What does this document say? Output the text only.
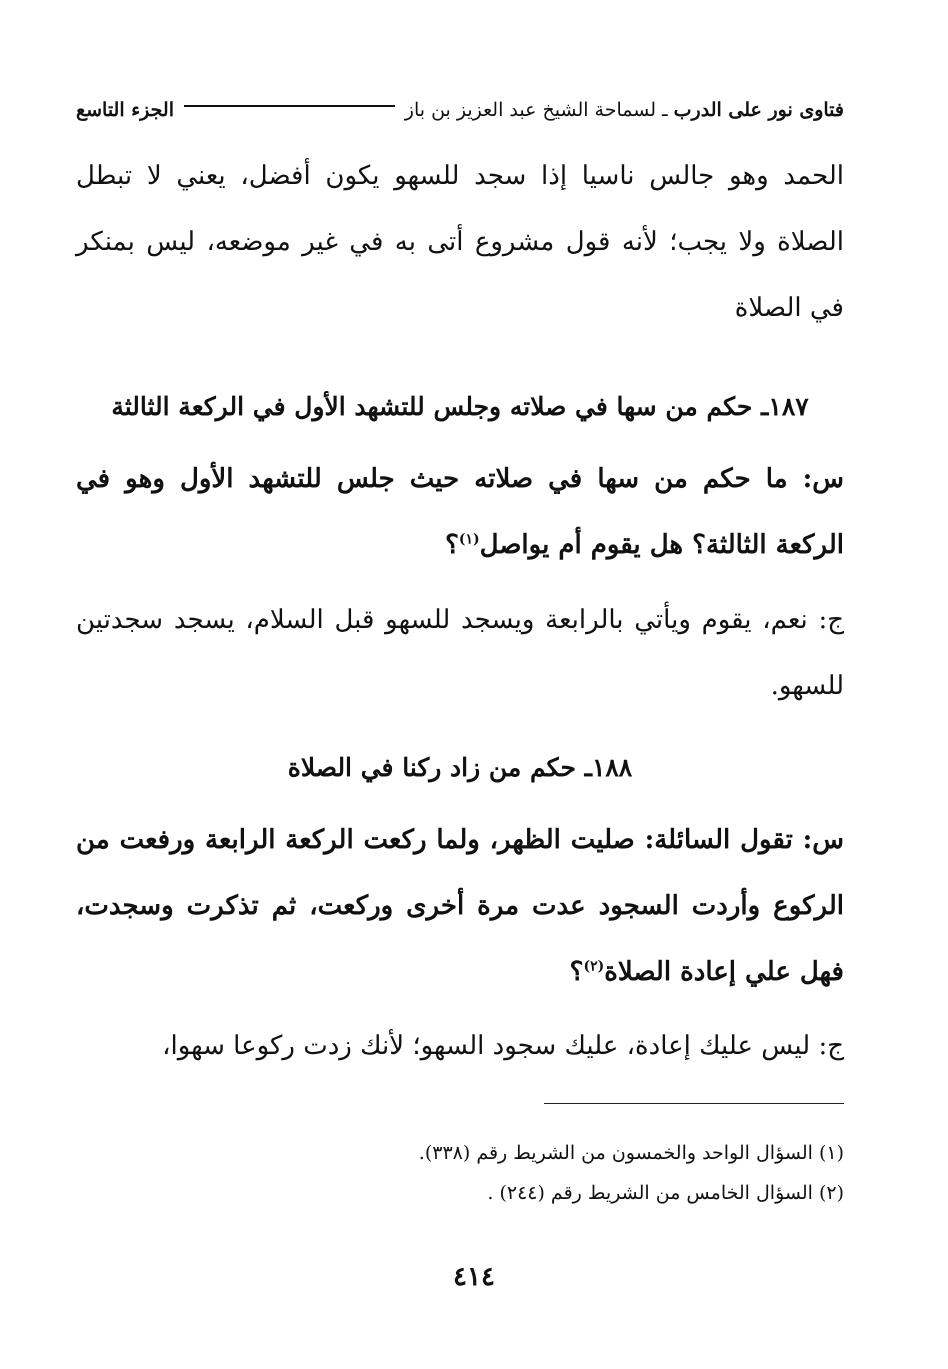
فتاوى نور على الدرب ـ لسماحة الشيخ عبد العزيز بن باز
الجزء التاسع

الحمد وهو جالس ناسيا إذا سجد للسهو يكون أفضل، يعني لا تبطل الصلاة ولا يجب؛ لأنه قول مشروع أتى به في غير موضعه، ليس بمنكر في الصلاة

١٨٧ـ حكم من سها في صلاته وجلس للتشهد الأول في الركعة الثالثة

س: ما حكم من سها في صلاته حيث جلس للتشهد الأول وهو في الركعة الثالثة؟ هل يقوم أم يواصل$^{(١)}$؟

ج: نعم، يقوم ويأتي بالرابعة ويسجد للسهو قبل السلام، يسجد سجدتين للسهو.

١٨٨ـ حكم من زاد ركنا في الصلاة

س: تقول السائلة: صليت الظهر، ولما ركعت الركعة الرابعة ورفعت من الركوع وأردت السجود عدت مرة أخرى وركعت، ثم تذكرت وسجدت، فهل علي إعادة الصلاة$^{(٢)}$؟

ج: ليس عليك إعادة، عليك سجود السهو؛ لأنك زدت ركوعا سهوا،

(١) السؤال الواحد والخمسون من الشريط رقم (٣٣٨).

(٢) السؤال الخامس من الشريط رقم (٢٤٤) .

٤١٤
